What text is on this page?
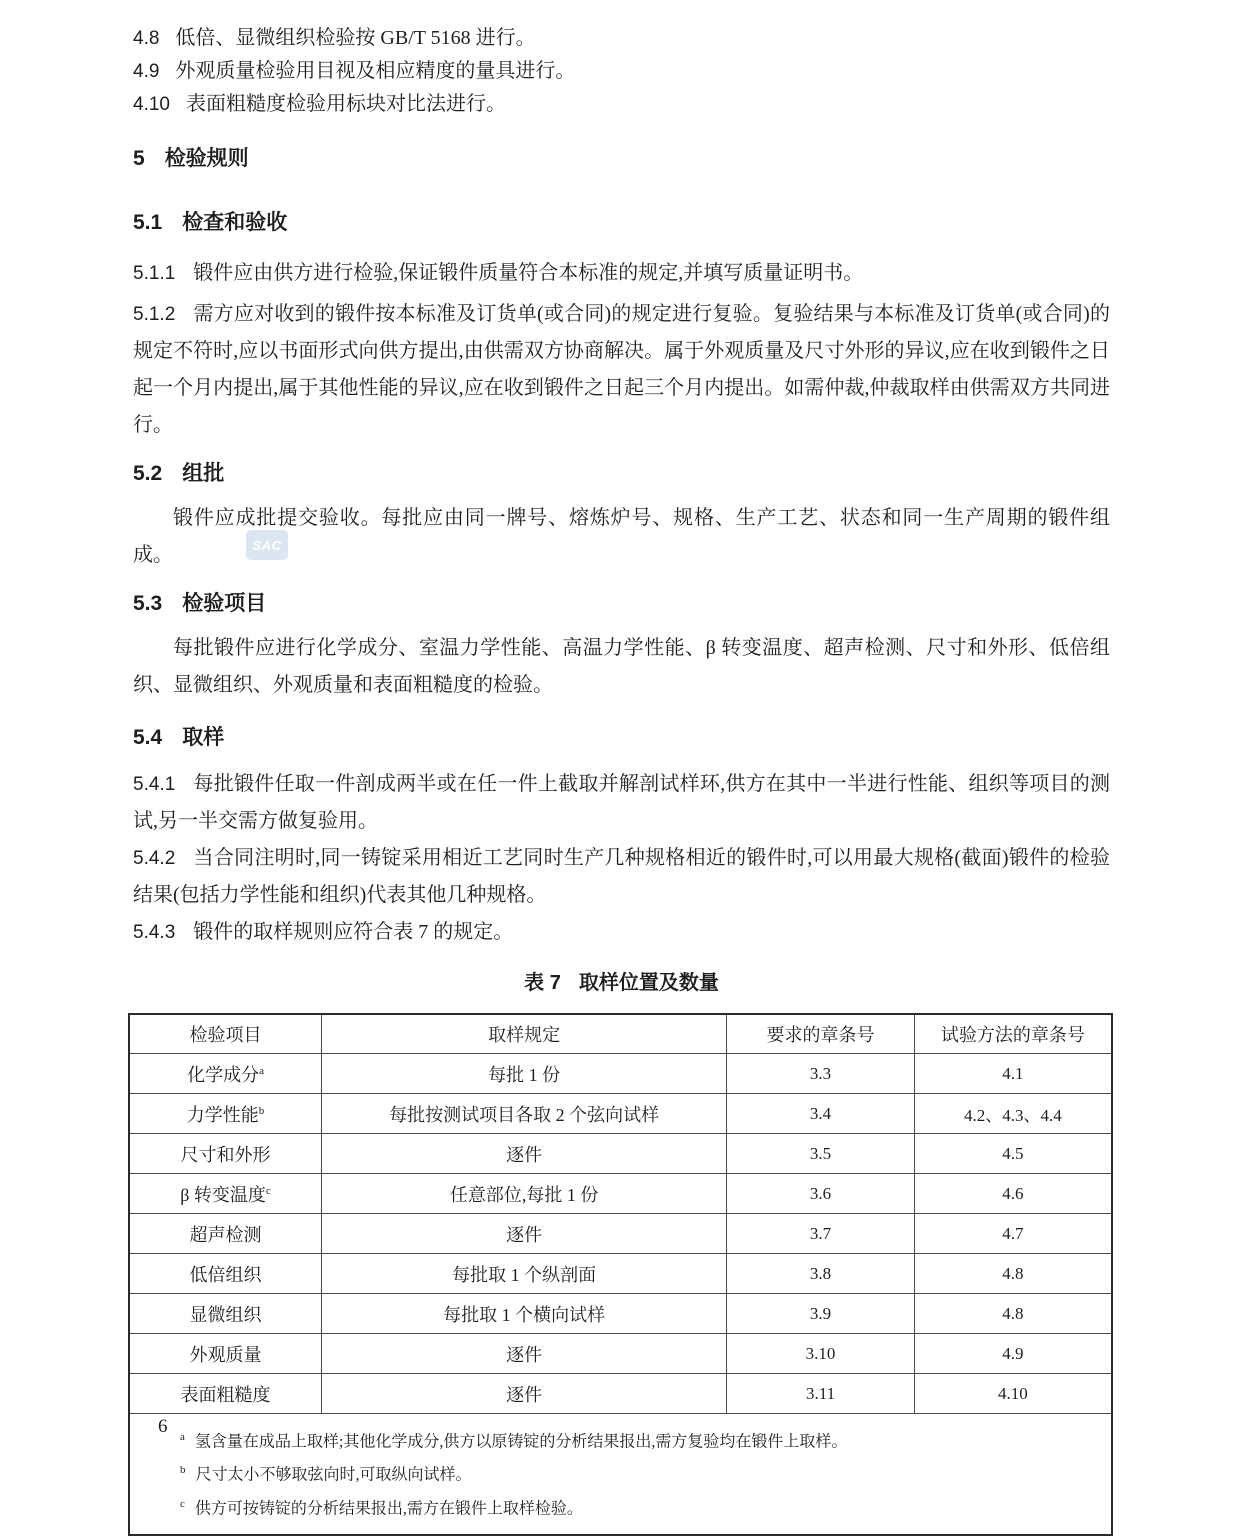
SAC

4.8 低倍、显微组织检验按 GB/T 5168 进行。

4.9 外观质量检验用目视及相应精度的量具进行。

4.10 表面粗糙度检验用标块对比法进行。

5 检验规则
5.1 检查和验收

5.1.1 锻件应由供方进行检验,保证锻件质量符合本标准的规定,并填写质量证明书。

5.1.2 需方应对收到的锻件按本标准及订货单(或合同)的规定进行复验。复验结果与本标准及订货单(或合同)的规定不符时,应以书面形式向供方提出,由供需双方协商解决。属于外观质量及尺寸外形的异议,应在收到锻件之日起一个月内提出,属于其他性能的异议,应在收到锻件之日起三个月内提出。如需仲裁,仲裁取样由供需双方共同进行。

5.2 组批

锻件应成批提交验收。每批应由同一牌号、熔炼炉号、规格、生产工艺、状态和同一生产周期的锻件组成。

5.3 检验项目

每批锻件应进行化学成分、室温力学性能、高温力学性能、β 转变温度、超声检测、尺寸和外形、低倍组织、显微组织、外观质量和表面粗糙度的检验。

5.4 取样

5.4.1 每批锻件任取一件剖成两半或在任一件上截取并解剖试样环,供方在其中一半进行性能、组织等项目的测试,另一半交需方做复验用。

5.4.2 当合同注明时,同一铸锭采用相近工艺同时生产几种规格相近的锻件时,可以用最大规格(截面)锻件的检验结果(包括力学性能和组织)代表其他几种规格。

5.4.3 锻件的取样规则应符合表 7 的规定。

表 7 取样位置及数量
检验项目	取样规定	要求的章条号	试验方法的章条号
化学成分$^a$	每批 1 份	3.3	4.1
力学性能$^b$	每批按测试项目各取 2 个弦向试样	3.4	4.2、4.3、4.4
尺寸和外形	逐件	3.5	4.5
β 转变温度$^c$	任意部位,每批 1 份	3.6	4.6
超声检测	逐件	3.7	4.7
低倍组织	每批取 1 个纵剖面	3.8	4.8
显微组织	每批取 1 个横向试样	3.9	4.8
外观质量	逐件	3.10	4.9
表面粗糙度	逐件	3.11	4.10

$^a$ 氢含量在成品上取样;其他化学成分,供方以原铸锭的分析结果报出,需方复验均在锻件上取样。

$^b$ 尺寸太小不够取弦向时,可取纵向试样。

$^c$ 供方可按铸锭的分析结果报出,需方在锻件上取样检验。			

6
